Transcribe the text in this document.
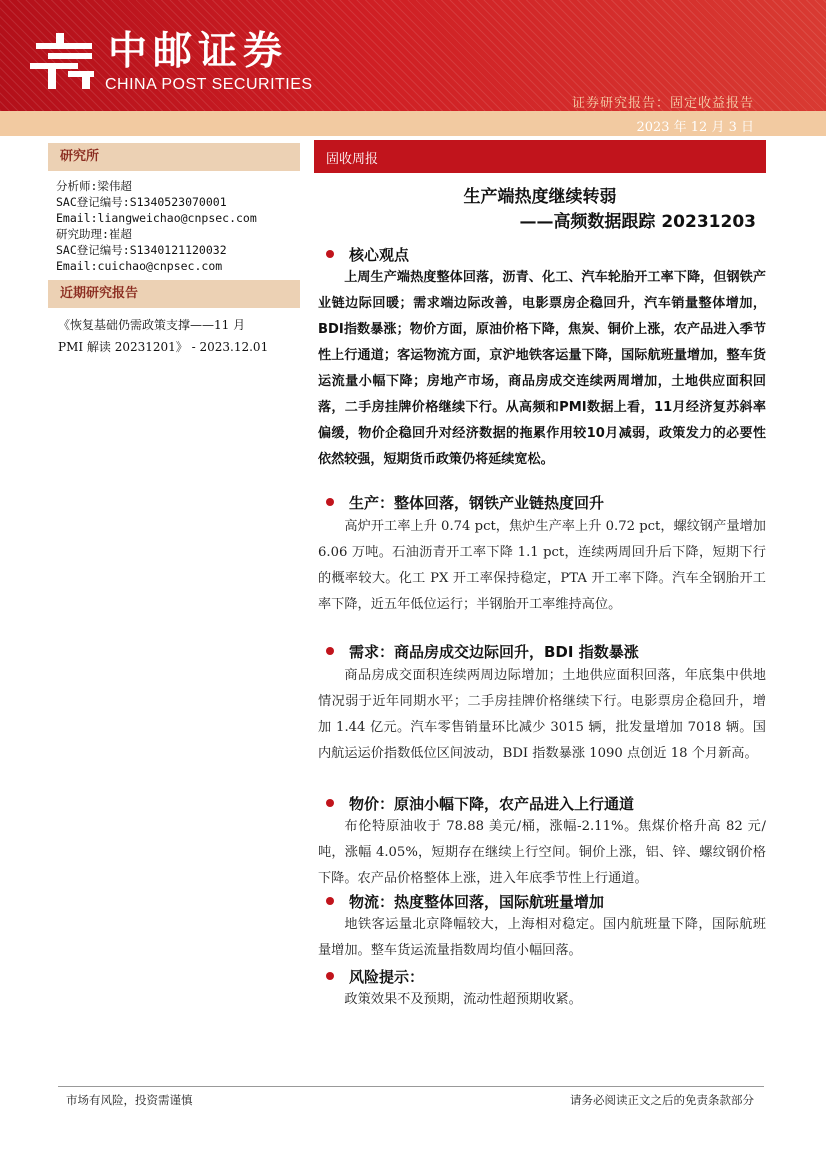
中邮证券
CHINA POST SECURITIES
证券研究报告：固定收益报告
2023 年 12 月 3 日
研究所
分析师:梁伟超
SAC登记编号:S1340523070001
Email:liangweichao@cnpsec.com
研究助理:崔超
SAC登记编号:S1340121120032
Email:cuichao@cnpsec.com
近期研究报告
《恢复基础仍需政策支撑——11 月
PMI 解读 20231201》 - 2023.12.01
固收周报
生产端热度继续转弱
——高频数据跟踪 20231203
核心观点
上周生产端热度整体回落，沥青、化工、汽车轮胎开工率下降，但钢铁产业链边际回暖；需求端边际改善，电影票房企稳回升，汽车销量整体增加，BDI指数暴涨；物价方面，原油价格下降，焦炭、铜价上涨，农产品进入季节性上行通道；客运物流方面，京沪地铁客运量下降，国际航班量增加，整车货运流量小幅下降；房地产市场，商品房成交连续两周增加，土地供应面积回落，二手房挂牌价格继续下行。从高频和PMI数据上看，11月经济复苏斜率偏缓，物价企稳回升对经济数据的拖累作用较10月减弱，政策发力的必要性依然较强，短期货币政策仍将延续宽松。
生产：整体回落，钢铁产业链热度回升
高炉开工率上升 0.74 pct，焦炉生产率上升 0.72 pct，螺纹钢产量增加 6.06 万吨。石油沥青开工率下降 1.1 pct，连续两周回升后下降，短期下行的概率较大。化工 PX 开工率保持稳定，PTA 开工率下降。汽车全钢胎开工率下降，近五年低位运行；半钢胎开工率维持高位。
需求：商品房成交边际回升，BDI 指数暴涨
商品房成交面积连续两周边际增加；土地供应面积回落，年底集中供地情况弱于近年同期水平；二手房挂牌价格继续下行。电影票房企稳回升，增加 1.44 亿元。汽车零售销量环比减少 3015 辆，批发量增加 7018 辆。国内航运运价指数低位区间波动，BDI 指数暴涨 1090 点创近 18 个月新高。
物价：原油小幅下降，农产品进入上行通道
布伦特原油收于 78.88 美元/桶，涨幅-2.11%。焦煤价格升高 82 元/吨，涨幅 4.05%，短期存在继续上行空间。铜价上涨，铝、锌、螺纹钢价格下降。农产品价格整体上涨，进入年底季节性上行通道。
物流：热度整体回落，国际航班量增加
地铁客运量北京降幅较大，上海相对稳定。国内航班量下降，国际航班量增加。整车货运流量指数周均值小幅回落。
风险提示：
政策效果不及预期，流动性超预期收紧。
市场有风险，投资需谨慎	请务必阅读正文之后的免责条款部分
